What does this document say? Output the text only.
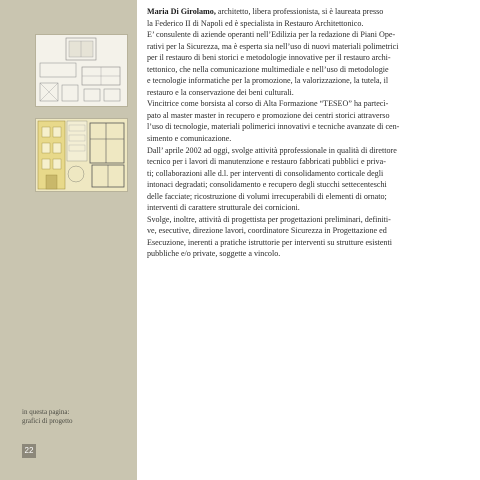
in questa pagina:
grafici di progetto
22
Maria Di Girolamo, architetto, libera professionista, si è laureata presso
la Federico II di Napoli ed è specialista in Restauro Architettonico.
E’ consulente di aziende operanti nell’Edilizia per la redazione di Piani Ope-
rativi per la Sicurezza, ma è esperta sia nell’uso di nuovi materiali polimetrici
per il restauro di beni storici e metodologie innovative per il restauro archi-
tettonico, che nella comunicazione multimediale e nell’uso di metodologie
e tecnologie informatiche per la promozione, la valorizzazione, la tutela, il
restauro e la conservazione dei beni culturali.
Vincitrice come borsista al corso di Alta Formazione “TESEO” ha partecì-
pato al master master in recupero e promozione dei centri storici attraverso
l’uso di tecnologie, materiali polimerici innovativi e tecniche avanzate di cen-
simento e comunicazione.
Dall’ aprile 2002 ad oggi, svolge attività pprofessionale in qualità di direttore
tecnico per i lavori di manutenzione e restauro fabbricati pubblici e priva-
ti; collaborazioni alle d.l. per interventi di consolidamento corticale degli
intonaci degradati; consolidamento e recupero degli stucchi settecenteschi
delle facciate; ricostruzione di volumi irrecuperabili di elementi di ornato;
interventi di carattere strutturale dei cornicioni.
Svolge, inoltre, attività di progettista per progettazioni preliminari, definiti-
ve, esecutive, direzione lavori, coordinatore Sicurezza in Progettazione ed
Esecuzione, inerenti a pratiche istruttorie per interventi su strutture esistenti
pubbliche e/o private, soggette a vincolo.
